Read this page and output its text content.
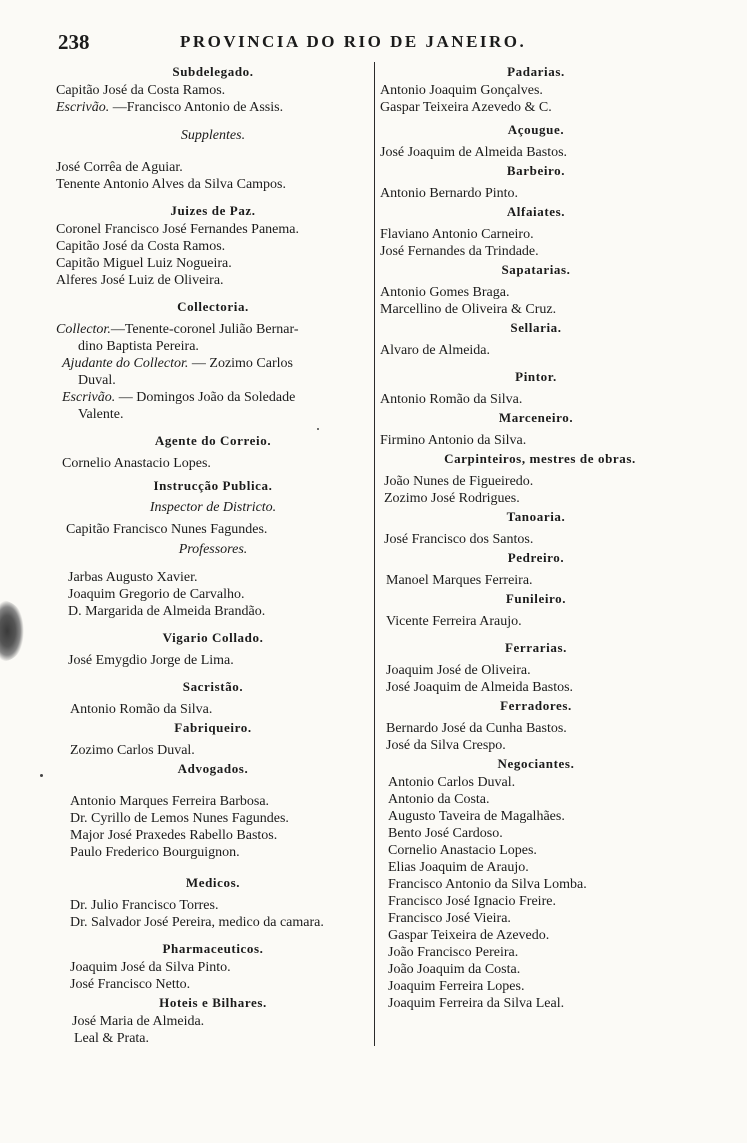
238	PROVINCIA DO RIO DE JANEIRO.
Subdelegado.
Capitão José da Costa Ramos.
Escrivão. —Francisco Antonio de Assis.
Supplentes.
José Corrêa de Aguiar.
Tenente Antonio Alves da Silva Campos.
Juizes de Paz.
Coronel Francisco José Fernandes Panema.
Capitão José da Costa Ramos.
Capitão Miguel Luiz Nogueira.
Alferes José Luiz de Oliveira.
Collectoria.
Collector.—Tenente-coronel Julião Bernar-
dino Baptista Pereira.
Ajudante do Collector. — Zozimo Carlos
Duval.
Escrivão. — Domingos João da Soledade
Valente.
Agente do Correio.
Cornelio Anastacio Lopes.
Instrucção Publica.
Inspector de Districto.
Capitão Francisco Nunes Fagundes.
Professores.
Jarbas Augusto Xavier.
Joaquim Gregorio de Carvalho.
D. Margarida de Almeida Brandão.
Vigario Collado.
José Emygdio Jorge de Lima.
Sacristão.
Antonio Romão da Silva.
Fabriqueiro.
Zozimo Carlos Duval.
Advogados.
Antonio Marques Ferreira Barbosa.
Dr. Cyrillo de Lemos Nunes Fagundes.
Major José Praxedes Rabello Bastos.
Paulo Frederico Bourguignon.
Medicos.
Dr. Julio Francisco Torres.
Dr. Salvador José Pereira, medico da camara.
Pharmaceuticos.
Joaquim José da Silva Pinto.
José Francisco Netto.
Hoteis e Bilhares.
José Maria de Almeida.
Leal & Prata.
Padarias.
Antonio Joaquim Gonçalves.
Gaspar Teixeira Azevedo & C.
Açougue.
José Joaquim de Almeida Bastos.
Barbeiro.
Antonio Bernardo Pinto.
Alfaiates.
Flaviano Antonio Carneiro.
José Fernandes da Trindade.
Sapatarias.
Antonio Gomes Braga.
Marcellino de Oliveira & Cruz.
Sellaria.
Alvaro de Almeida.
Pintor.
Antonio Romão da Silva.
Marceneiro.
Firmino Antonio da Silva.
Carpinteiros, mestres de obras.
João Nunes de Figueiredo.
Zozimo José Rodrigues.
Tanoaria.
José Francisco dos Santos.
Pedreiro.
Manoel Marques Ferreira.
Funileiro.
Vicente Ferreira Araujo.
Ferrarias.
Joaquim José de Oliveira.
José Joaquim de Almeida Bastos.
Ferradores.
Bernardo José da Cunha Bastos.
José da Silva Crespo.
Negociantes.
Antonio Carlos Duval.
Antonio da Costa.
Augusto Taveira de Magalhães.
Bento José Cardoso.
Cornelio Anastacio Lopes.
Elias Joaquim de Araujo.
Francisco Antonio da Silva Lomba.
Francisco José Ignacio Freire.
Francisco José Vieira.
Gaspar Teixeira de Azevedo.
João Francisco Pereira.
João Joaquim da Costa.
Joaquim Ferreira Lopes.
Joaquim Ferreira da Silva Leal.
